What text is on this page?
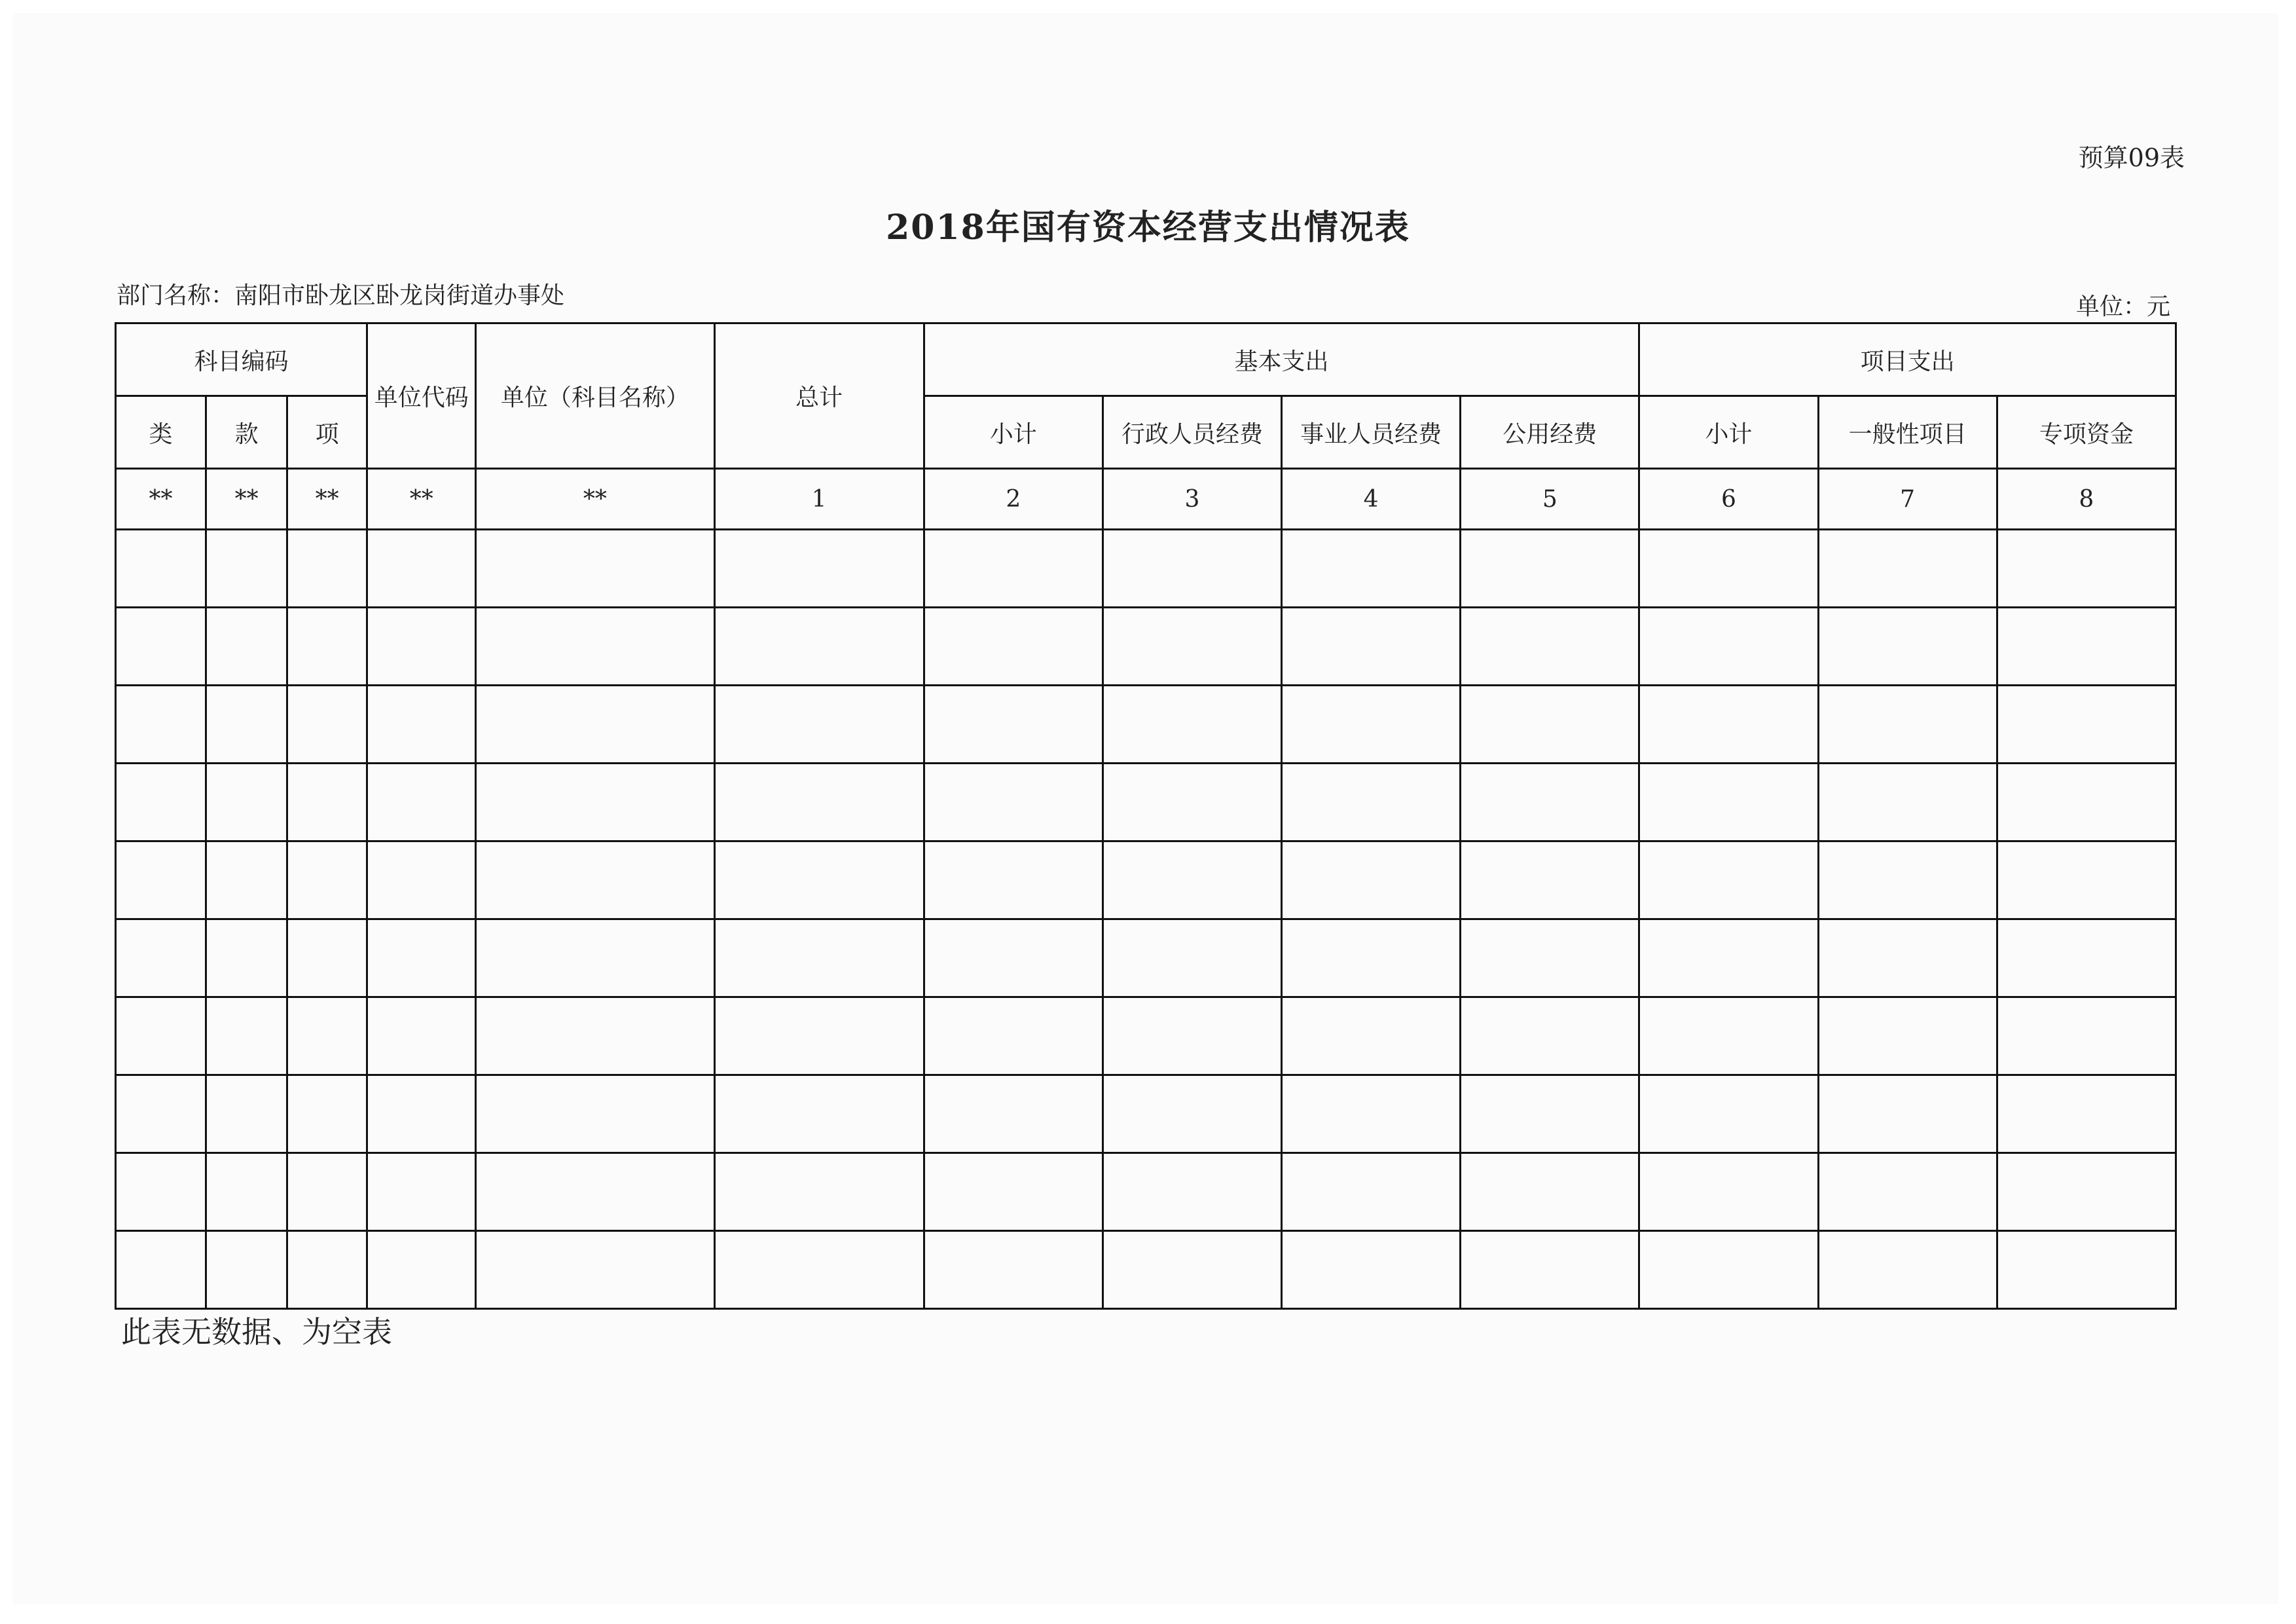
预算09表
2018年国有资本经营支出情况表
部门名称：南阳市卧龙区卧龙岗街道办事处	单位：元
科目编码			单位代码	单位（科目名称）	总计	基本支出				项目支出		
类	款	项				小计	行政人员经费	事业人员经费	公用经费	小计	一般性项目	专项资金
**	**	**	**	**	1	2	3	4	5	6	7	8

此表无数据、为空表
